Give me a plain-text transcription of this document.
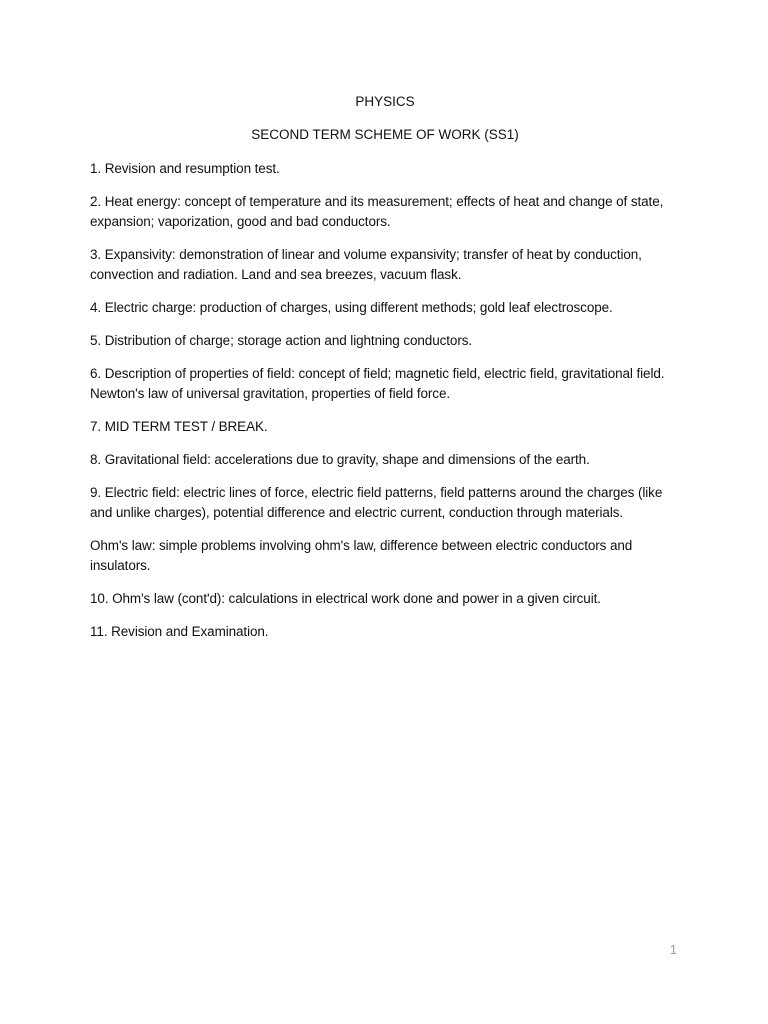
PHYSICS

SECOND TERM SCHEME OF WORK (SS1)

1. Revision and resumption test.

2. Heat energy: concept of temperature and its measurement; effects of heat and change of state, expansion; vaporization, good and bad conductors.

3. Expansivity: demonstration of linear and volume expansivity; transfer of heat by conduction, convection and radiation. Land and sea breezes, vacuum flask.

4. Electric charge: production of charges, using different methods; gold leaf electroscope.

5. Distribution of charge; storage action and lightning conductors.

6. Description of properties of field: concept of field; magnetic field, electric field, gravitational field. Newton's law of universal gravitation, properties of field force.

7. MID TERM TEST / BREAK.

8. Gravitational field: accelerations due to gravity, shape and dimensions of the earth.

9. Electric field: electric lines of force, electric field patterns, field patterns around the charges (like and unlike charges), potential difference and electric current, conduction through materials.

Ohm's law: simple problems involving ohm's law, difference between electric conductors and insulators.

10. Ohm's law (cont'd): calculations in electrical work done and power in a given circuit.

11. Revision and Examination.

1
